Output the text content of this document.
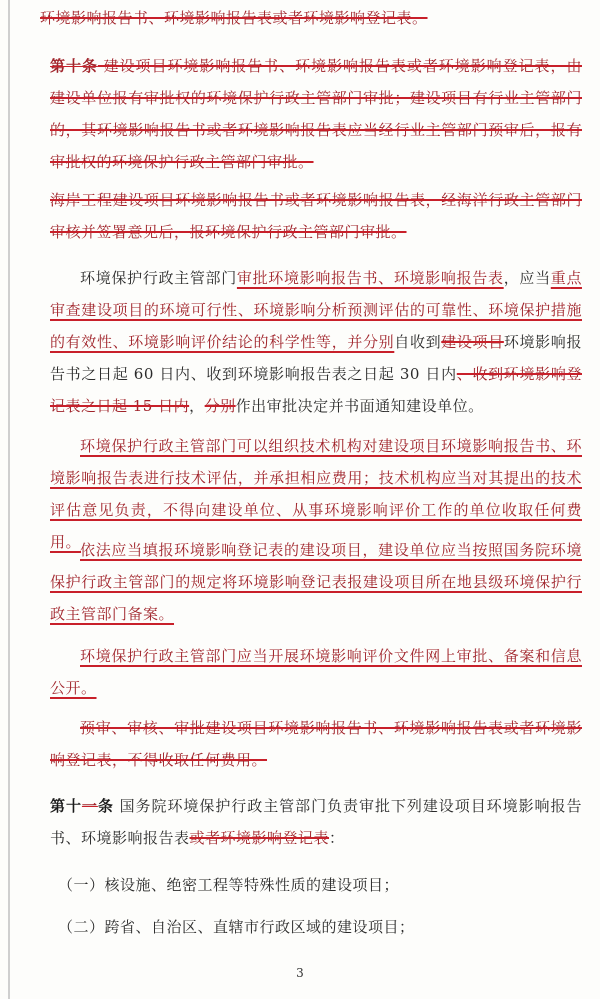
环境影响报告书、环境影响报告表或者环境影响登记表。
第十条 建设项目环境影响报告书、环境影响报告表或者环境影响登记表，由建设单位报有审批权的环境保护行政主管部门审批；建设项目有行业主管部门的，其环境影响报告书或者环境影响报告表应当经行业主管部门预审后，报有审批权的环境保护行政主管部门审批。
海岸工程建设项目环境影响报告书或者环境影响报告表，经海洋行政主管部门审核并签署意见后，报环境保护行政主管部门审批。
环境保护行政主管部门审批环境影响报告书、环境影响报告表，应当重点审查建设项目的环境可行性、环境影响分析预测评估的可靠性、环境保护措施的有效性、环境影响评价结论的科学性等，并分别自收到建设项目环境影响报告书之日起 60 日内、收到环境影响报告表之日起 30 日内、收到环境影响登记表之日起 15 日内，分别作出审批决定并书面通知建设单位。
环境保护行政主管部门可以组织技术机构对建设项目环境影响报告书、环境影响报告表进行技术评估，并承担相应费用；技术机构应当对其提出的技术评估意见负责，不得向建设单位、从事环境影响评价工作的单位收取任何费用。
依法应当填报环境影响登记表的建设项目，建设单位应当按照国务院环境保护行政主管部门的规定将环境影响登记表报建设项目所在地县级环境保护行政主管部门备案。
环境保护行政主管部门应当开展环境影响评价文件网上审批、备案和信息公开。
预审、审核、审批建设项目环境影响报告书、环境影响报告表或者环境影响登记表，不得收取任何费用。
第十一条 国务院环境保护行政主管部门负责审批下列建设项目环境影响报告书、环境影响报告表或者环境影响登记表：
（一）核设施、绝密工程等特殊性质的建设项目；
（二）跨省、自治区、直辖市行政区域的建设项目；
3
